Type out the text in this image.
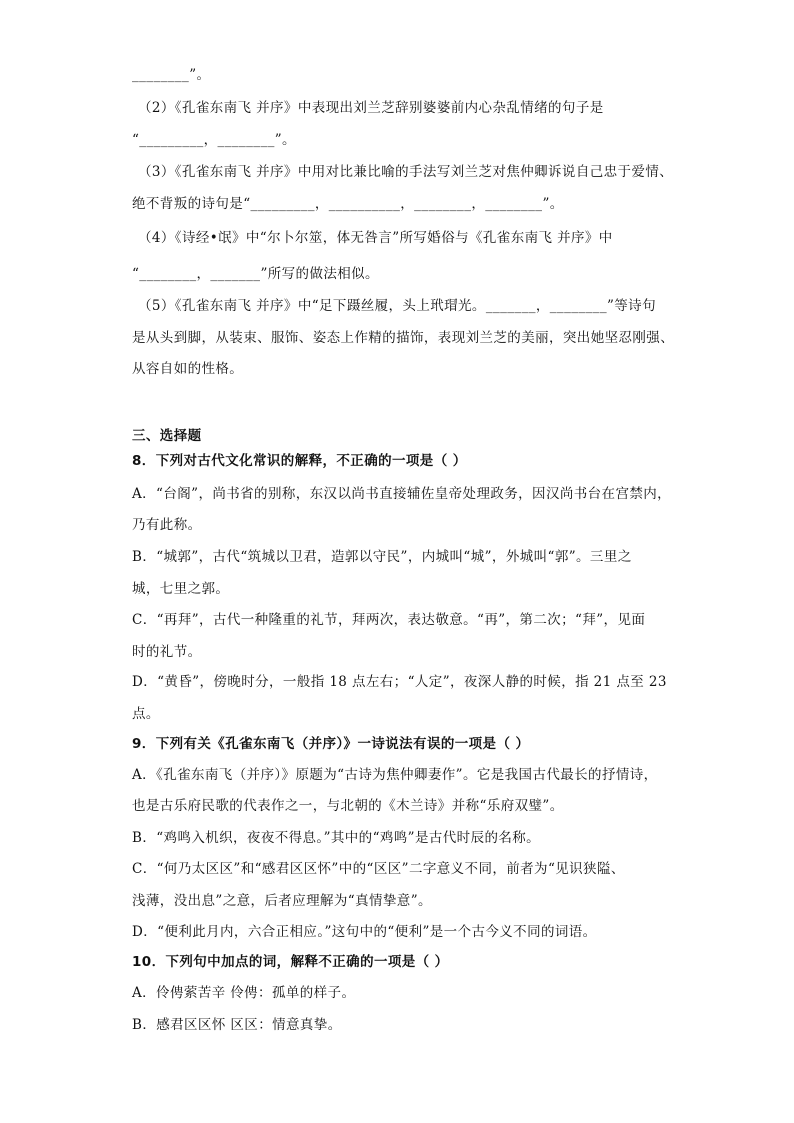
________”。
（2）《孔雀东南飞 并序》中表现出刘兰芝辞别婆婆前内心杂乱情绪的句子是
“_________，________”。
（3）《孔雀东南飞 并序》中用对比兼比喻的手法写刘兰芝对焦仲卿诉说自己忠于爱情、
绝不背叛的诗句是“_________，__________，________，________”。
（4）《诗经•氓》中“尔卜尔筮，体无咎言”所写婚俗与《孔雀东南飞 并序》中
“________，_______”所写的做法相似。
（5）《孔雀东南飞 并序》中“足下蹑丝履，头上玳瑁光。_______，________”等诗句
是从头到脚，从装束、服饰、姿态上作精的描饰，表现刘兰芝的美丽，突出她坚忍刚强、
从容自如的性格。
三、选择题
8．下列对古代文化常识的解释，不正确的一项是（ ）
A．“台阁”，尚书省的别称，东汉以尚书直接辅佐皇帝处理政务，因汉尚书台在宫禁内，
乃有此称。
B．“城郭”，古代“筑城以卫君，造郭以守民”，内城叫“城”，外城叫“郭”。三里之
城，七里之郭。
C．“再拜”，古代一种隆重的礼节，拜两次，表达敬意。“再”，第二次；“拜”，见面
时的礼节。
D．“黄昏”，傍晚时分，一般指 18 点左右；“人定”，夜深人静的时候，指 21 点至 23
点。
9．下列有关《孔雀东南飞（并序）》一诗说法有误的一项是（ ）
A．《孔雀东南飞（并序）》原题为“古诗为焦仲卿妻作”。它是我国古代最长的抒情诗，
也是古乐府民歌的代表作之一，与北朝的《木兰诗》并称“乐府双璧”。
B．“鸡鸣入机织，夜夜不得息。”其中的“鸡鸣”是古代时辰的名称。
C．“何乃太区区”和“感君区区怀”中的“区区”二字意义不同，前者为“见识狭隘、
浅薄，没出息”之意，后者应理解为“真情挚意”。
D．“便利此月内，六合正相应。”这句中的“便利”是一个古今义不同的词语。
10．下列句中加点的词，解释不正确的一项是（ ）
A．伶俜萦苦辛 伶俜：孤单的样子。
B．感君区区怀 区区：情意真挚。
